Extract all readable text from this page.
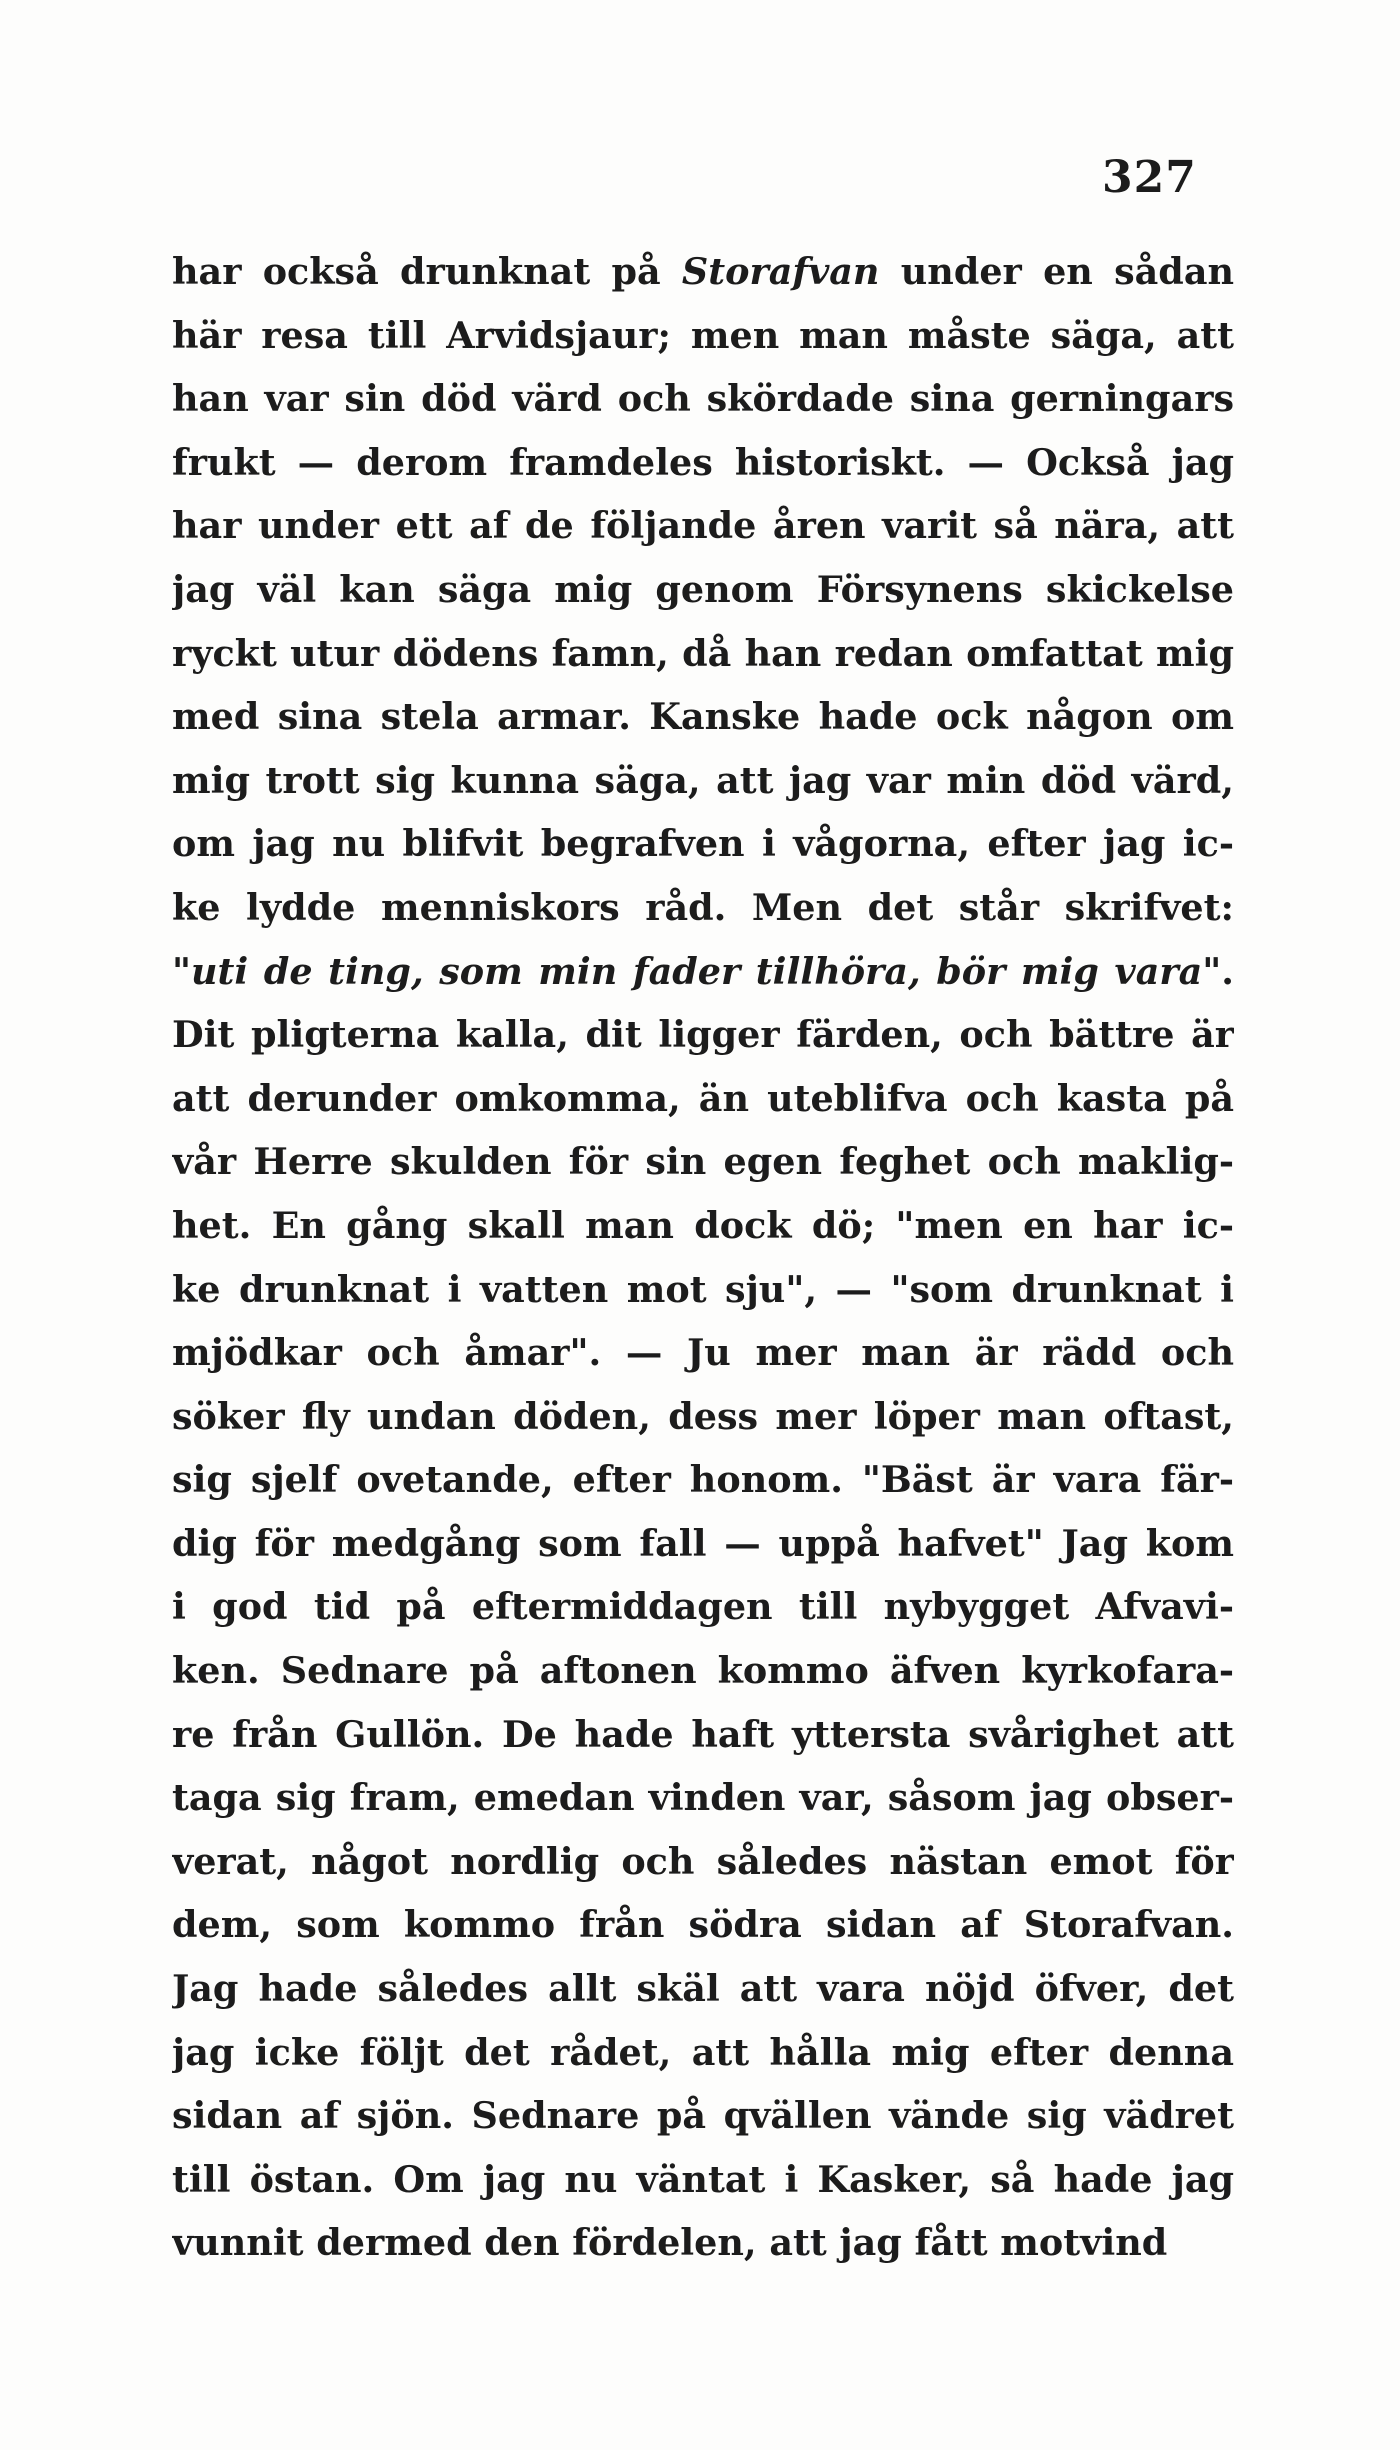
327
har också drunknat på Storafvan under en sådan
här resa till Arvidsjaur; men man måste säga, att
han var sin död värd och skördade sina gerningars
frukt — derom framdeles historiskt. — Också jag
har under ett af de följande åren varit så nära, att
jag väl kan säga mig genom Försynens skickelse
ryckt utur dödens famn, då han redan omfattat mig
med sina stela armar. Kanske hade ock någon om
mig trott sig kunna säga, att jag var min död värd,
om jag nu blifvit begrafven i vågorna, efter jag ic-
ke lydde menniskors råd. Men det står skrifvet:
"uti de ting, som min fader tillhöra, bör mig vara".
Dit pligterna kalla, dit ligger färden, och bättre är
att derunder omkomma, än uteblifva och kasta på
vår Herre skulden för sin egen feghet och maklig-
het. En gång skall man dock dö; "men en har ic-
ke drunknat i vatten mot sju", — "som drunknat i
mjödkar och åmar". — Ju mer man är rädd och
söker fly undan döden, dess mer löper man oftast,
sig sjelf ovetande, efter honom. "Bäst är vara fär-
dig för medgång som fall — uppå hafvet" Jag kom
i god tid på eftermiddagen till nybygget Afvavi-
ken. Sednare på aftonen kommo äfven kyrkofara-
re från Gullön. De hade haft yttersta svårighet att
taga sig fram, emedan vinden var, såsom jag obser-
verat, något nordlig och således nästan emot för
dem, som kommo från södra sidan af Storafvan.
Jag hade således allt skäl att vara nöjd öfver, det
jag icke följt det rådet, att hålla mig efter denna
sidan af sjön. Sednare på qvällen vände sig vädret
till östan. Om jag nu väntat i Kasker, så hade jag
vunnit dermed den fördelen, att jag fått motvind
